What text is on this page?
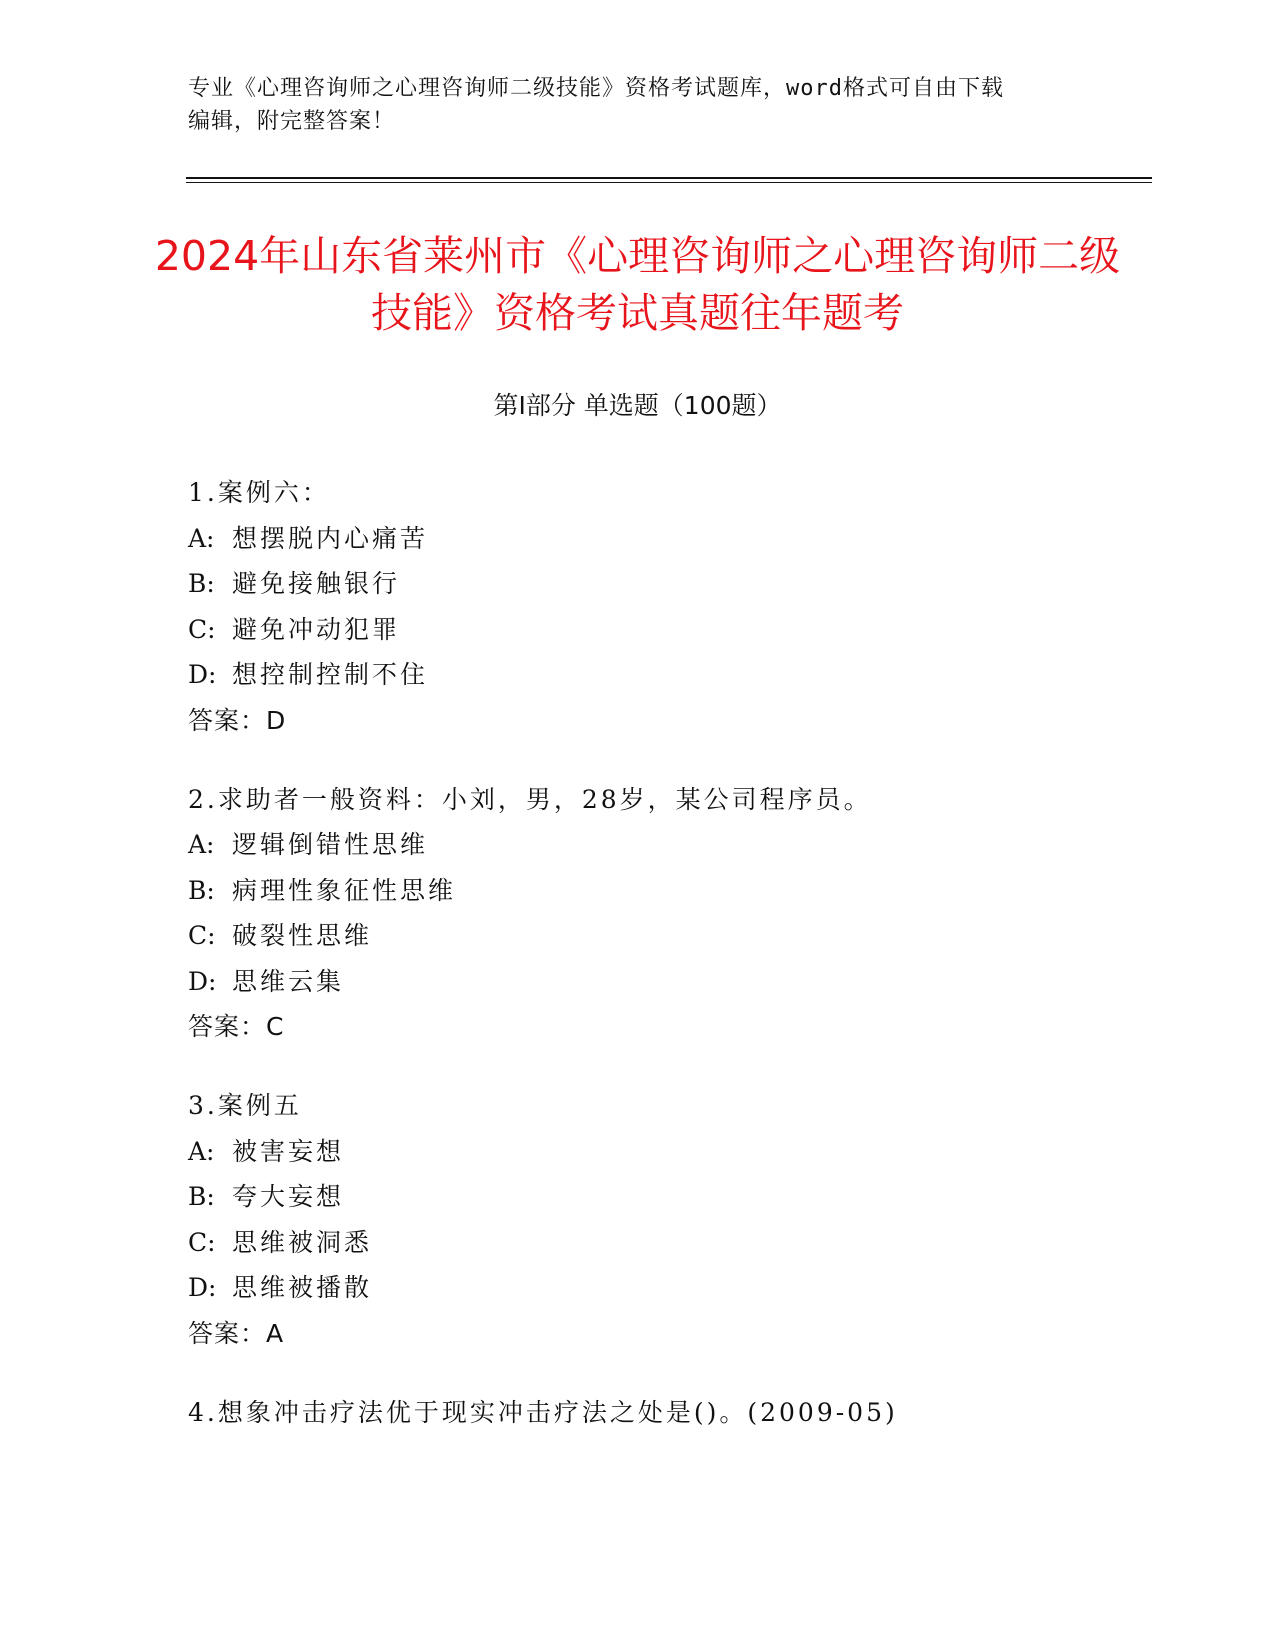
专业《心理咨询师之心理咨询师二级技能》资格考试题库，word格式可自由下载
编辑，附完整答案！
2024年山东省莱州市《心理咨询师之心理咨询师二级技能》资格考试真题往年题考
第Ⅰ部分 单选题（100题）
1.案例六：
A: 想摆脱内心痛苦
B: 避免接触银行
C: 避免冲动犯罪
D: 想控制控制不住
答案：D
2.求助者一般资料：小刘，男，28岁，某公司程序员。
A: 逻辑倒错性思维
B: 病理性象征性思维
C: 破裂性思维
D: 思维云集
答案：C
3.案例五
A: 被害妄想
B: 夸大妄想
C: 思维被洞悉
D: 思维被播散
答案：A
4.想象冲击疗法优于现实冲击疗法之处是()。(2009-05)
